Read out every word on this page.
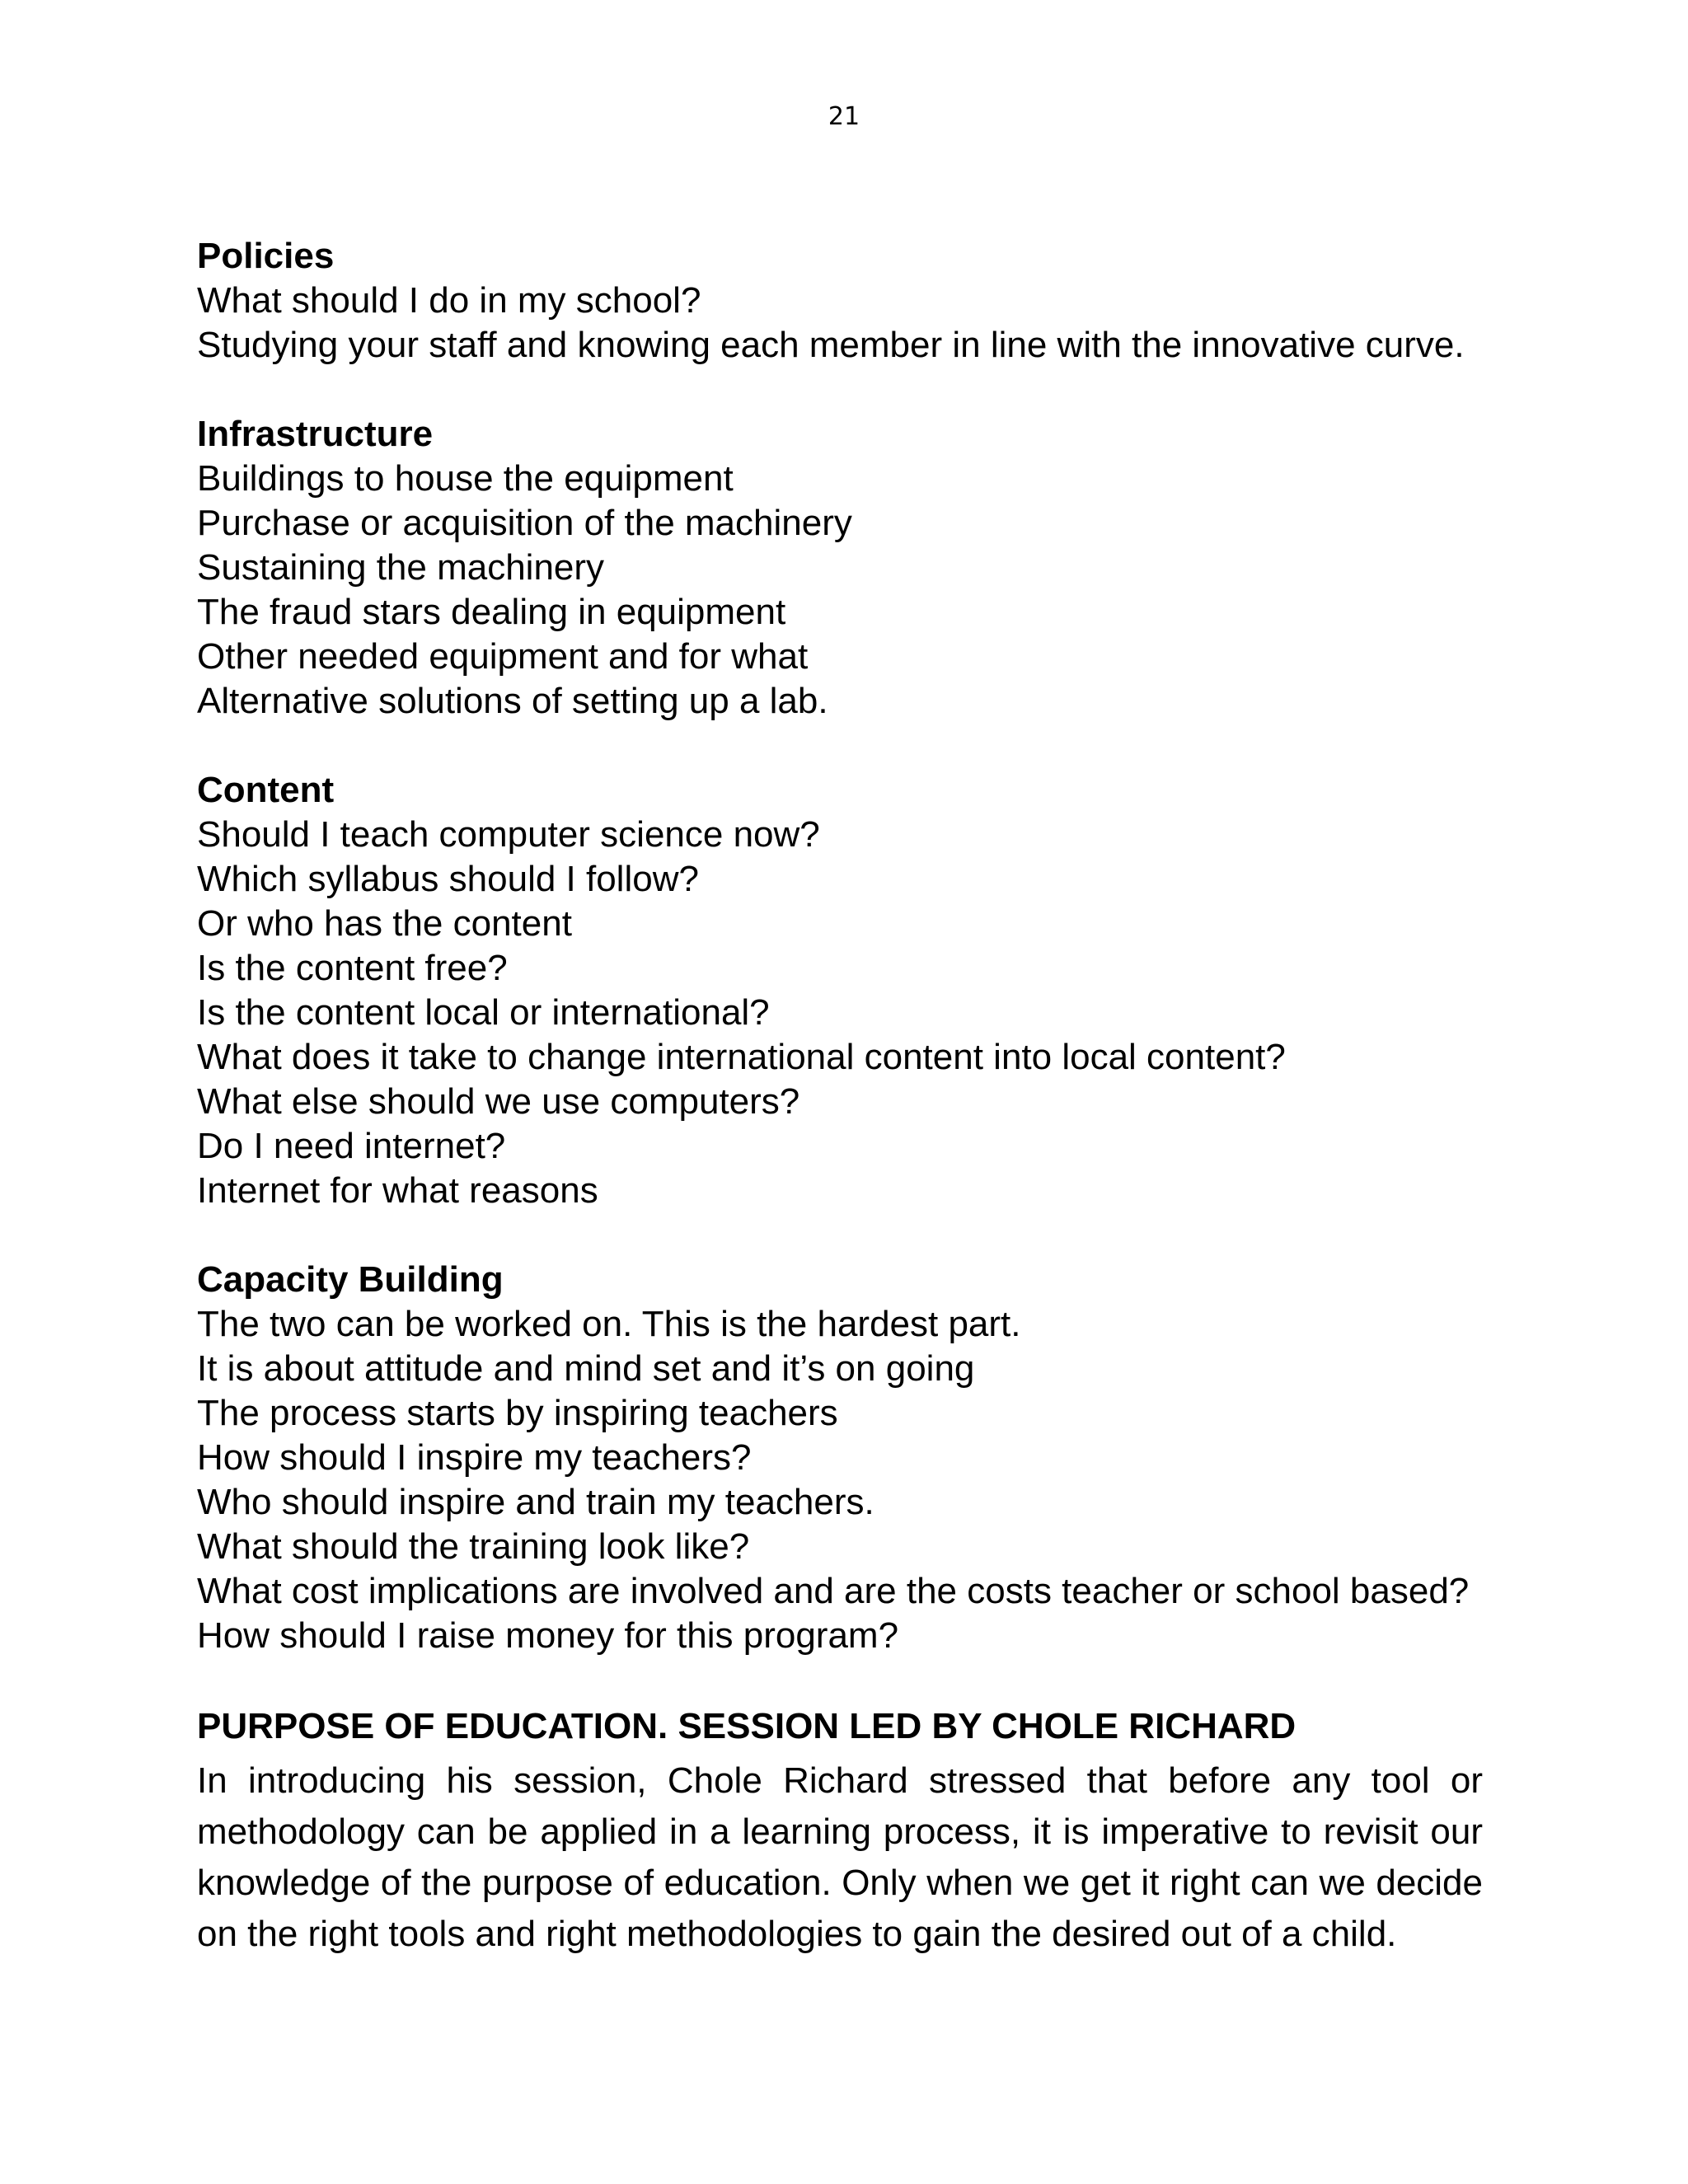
21

Policies

What should I do in my school?

Studying your staff and knowing each member in line with the innovative curve.

Infrastructure

Buildings to house the equipment

Purchase or acquisition of the machinery

Sustaining the machinery

The fraud stars dealing in equipment

Other needed equipment and for what

Alternative solutions of setting up a lab.

Content

Should I teach computer science now?

Which syllabus should I follow?

Or who has the content

Is the content free?

Is the content local or international?

What does it take to change international content into local content?

What else should we use computers?

Do I need internet?

Internet for what reasons

Capacity Building

The two can be worked on. This is the hardest part.

It is about attitude and mind set and it’s on going

The process starts by inspiring teachers

How should I inspire my teachers?

Who should inspire and train my teachers.

What should the training look like?

What cost implications are involved and are the costs teacher or school based?

How should I raise money for this program?

PURPOSE OF EDUCATION. SESSION LED BY CHOLE RICHARD

In introducing his session, Chole Richard stressed that before any tool or methodology can be applied in a learning process, it is imperative to revisit our knowledge of the purpose of education. Only when we get it right can we decide on the right tools and right methodologies to gain the desired out of a child.
